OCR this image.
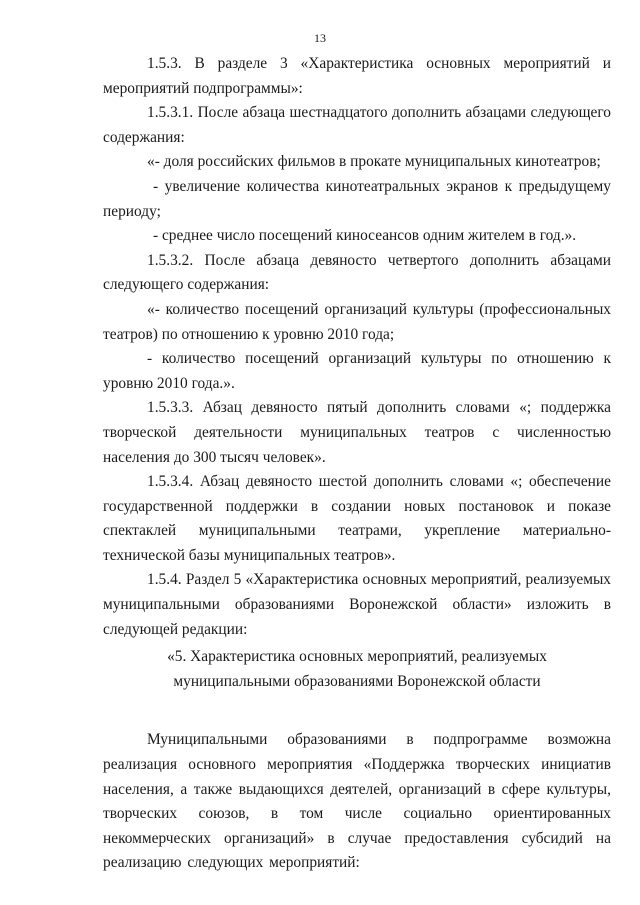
13

1.5.3. В разделе 3 «Характеристика основных мероприятий и мероприятий подпрограммы»:

1.5.3.1. После абзаца шестнадцатого дополнить абзацами следующего содержания:

«- доля российских фильмов в прокате муниципальных кинотеатров;

- увеличение количества кинотеатральных экранов к предыдущему периоду;

- среднее число посещений киносеансов одним жителем в год.».

1.5.3.2. После абзаца девяносто четвертого дополнить абзацами следующего содержания:

«- количество посещений организаций культуры (профессиональных театров) по отношению к уровню 2010 года;

- количество посещений организаций культуры по отношению к уровню 2010 года.».

1.5.3.3. Абзац девяносто пятый дополнить словами «; поддержка творческой деятельности муниципальных театров с численностью населения до 300 тысяч человек».

1.5.3.4. Абзац девяносто шестой дополнить словами «; обеспечение государственной поддержки в создании новых постановок и показе спектаклей муниципальными театрами, укрепление материально-технической базы муниципальных театров».

1.5.4. Раздел 5 «Характеристика основных мероприятий, реализуемых муниципальными образованиями Воронежской области» изложить в следующей редакции:

«5. Характеристика основных мероприятий, реализуемых

муниципальными образованиями Воронежской области

Муниципальными образованиями в подпрограмме возможна реализация основного мероприятия «Поддержка творческих инициатив населения, а также выдающихся деятелей, организаций в сфере культуры, творческих союзов, в том числе социально ориентированных некоммерческих организаций» в случае предоставления субсидий на реализацию следующих мероприятий:
